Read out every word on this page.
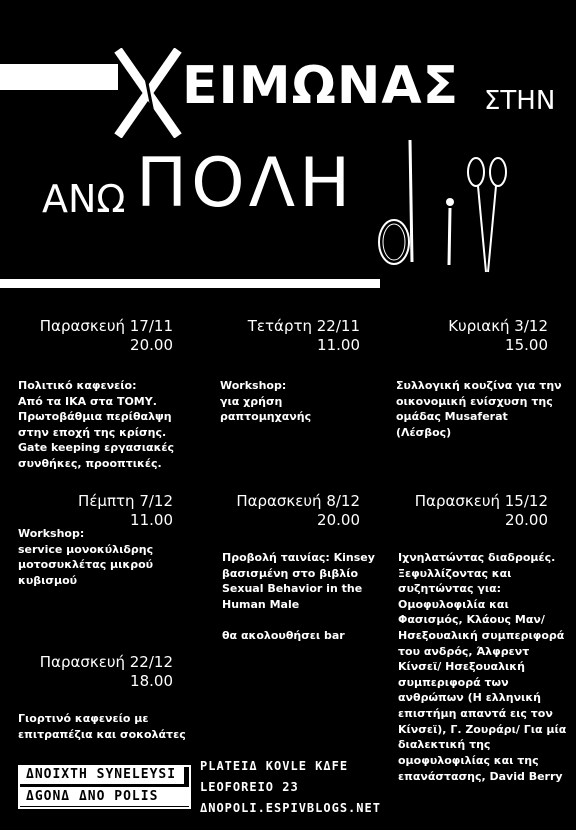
ΕΙΜΩΝΑΣ ΣΤΗΝ
ΑΝΩ ΠΟΛΗ
Παρασκευή 17/11
20.00
Πολιτικό καφενείο:
Από τα ΙΚΑ στα ΤΟΜΥ.
Πρωτοβάθμια περίθαλψη
στην εποχή της κρίσης.
Gate keeping εργασιακές
συνθήκες, προοπτικές.
Τετάρτη 22/11
11.00
Workshop:
για χρήση
ραπτομηχανής
Κυριακή 3/12
15.00
Συλλογική κουζίνα για την
οικονομική ενίσχυση της
ομάδας Musaferat
(Λέσβος)
Πέμπτη 7/12
11.00
Workshop:
service μονοκύλιδρης
μοτοσυκλέτας μικρού
κυβισμού
Παρασκευή 8/12
20.00
Προβολή ταινίας: Kinsey
βασισμένη στο βιβλίο
Sexual Behavior in the
Human Male

θα ακολουθήσει bar
Παρασκευή 15/12
20.00
Ιχνηλατώντας διαδρομές.
Ξεφυλλίζοντας και
συζητώντας για:
Ομοφυλοφιλία και
Φασισμός, Κλάους Μαν/
Ησεξουαλική συμπεριφορά
του ανδρός, Άλφρεντ
Κίνσεϊ/ Ησεξουαλική
συμπεριφορά των
ανθρώπων (Η ελληνική
επιστήμη απαντά εις τον
Κίνσεϊ), Γ. Ζουράρι/ Για μία
διαλεκτική της
ομοφυλοφιλίας και της
επανάστασης, David Berry
Παρασκευή 22/12
18.00
Γιορτινό καφενείο με
επιτραπέζια και σοκολάτες
ΔNOIXTH SYNELEYSI
ΔGONΔ ΔNO POLIS
PLATEIΔ KOVLE KΔFE
LEOFOREIO 23
ΔNOPOLI.ESPIVBLOGS.NET
